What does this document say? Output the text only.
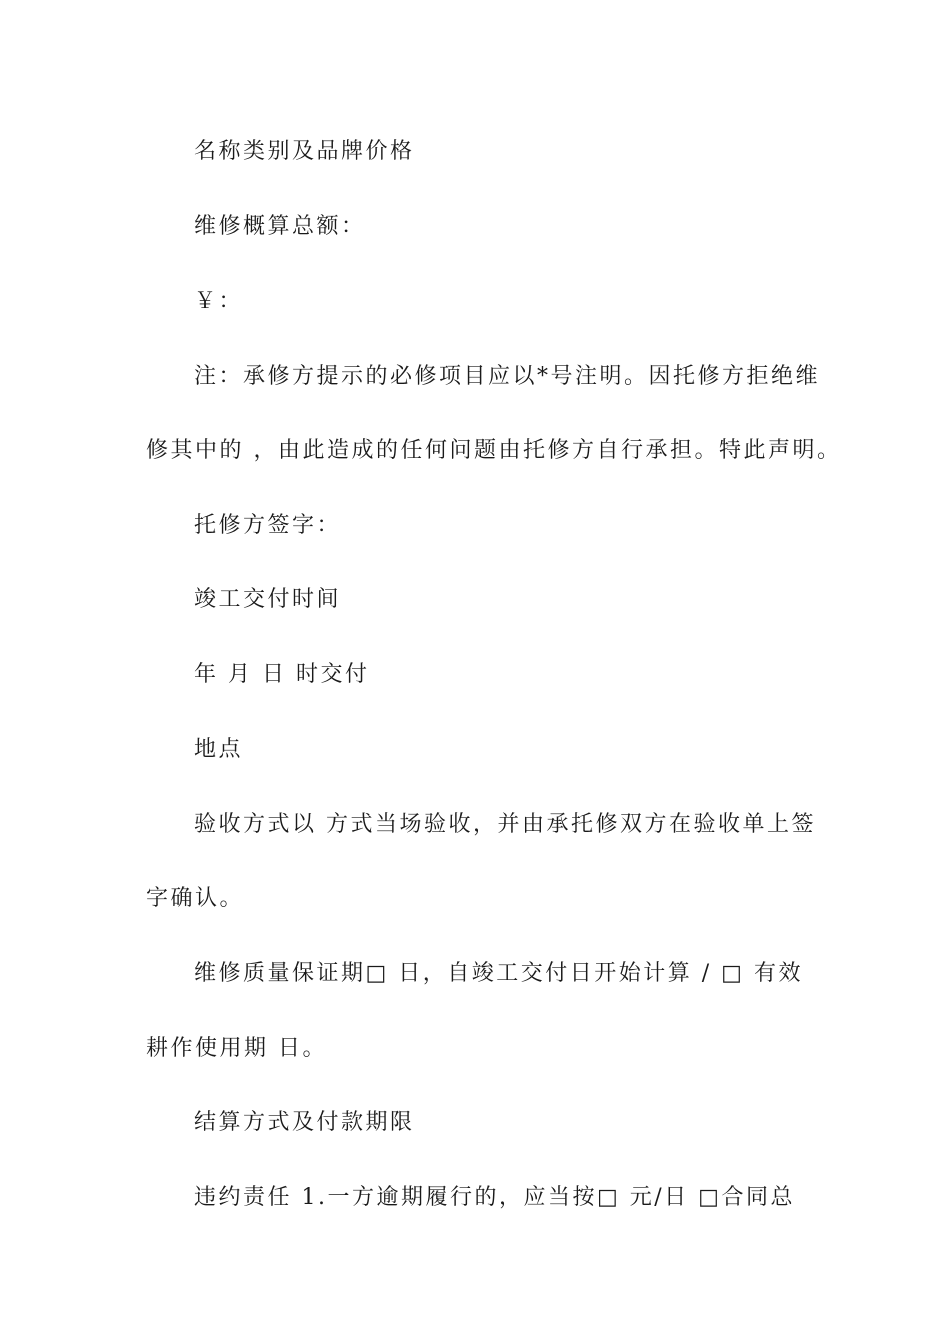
名称类别及品牌价格
维修概算总额：
￥：
注：承修方提示的必修项目应以*号注明。因托修方拒绝维
修其中的 ，由此造成的任何问题由托修方自行承担。特此声明。
托修方签字：
竣工交付时间
年 月 日 时交付
地点
验收方式以 方式当场验收，并由承托修双方在验收单上签
字确认。
维修质量保证期□ 日，自竣工交付日开始计算 / □ 有效
耕作使用期 日。
结算方式及付款期限
违约责任 1.一方逾期履行的，应当按□ 元/日 □合同总
